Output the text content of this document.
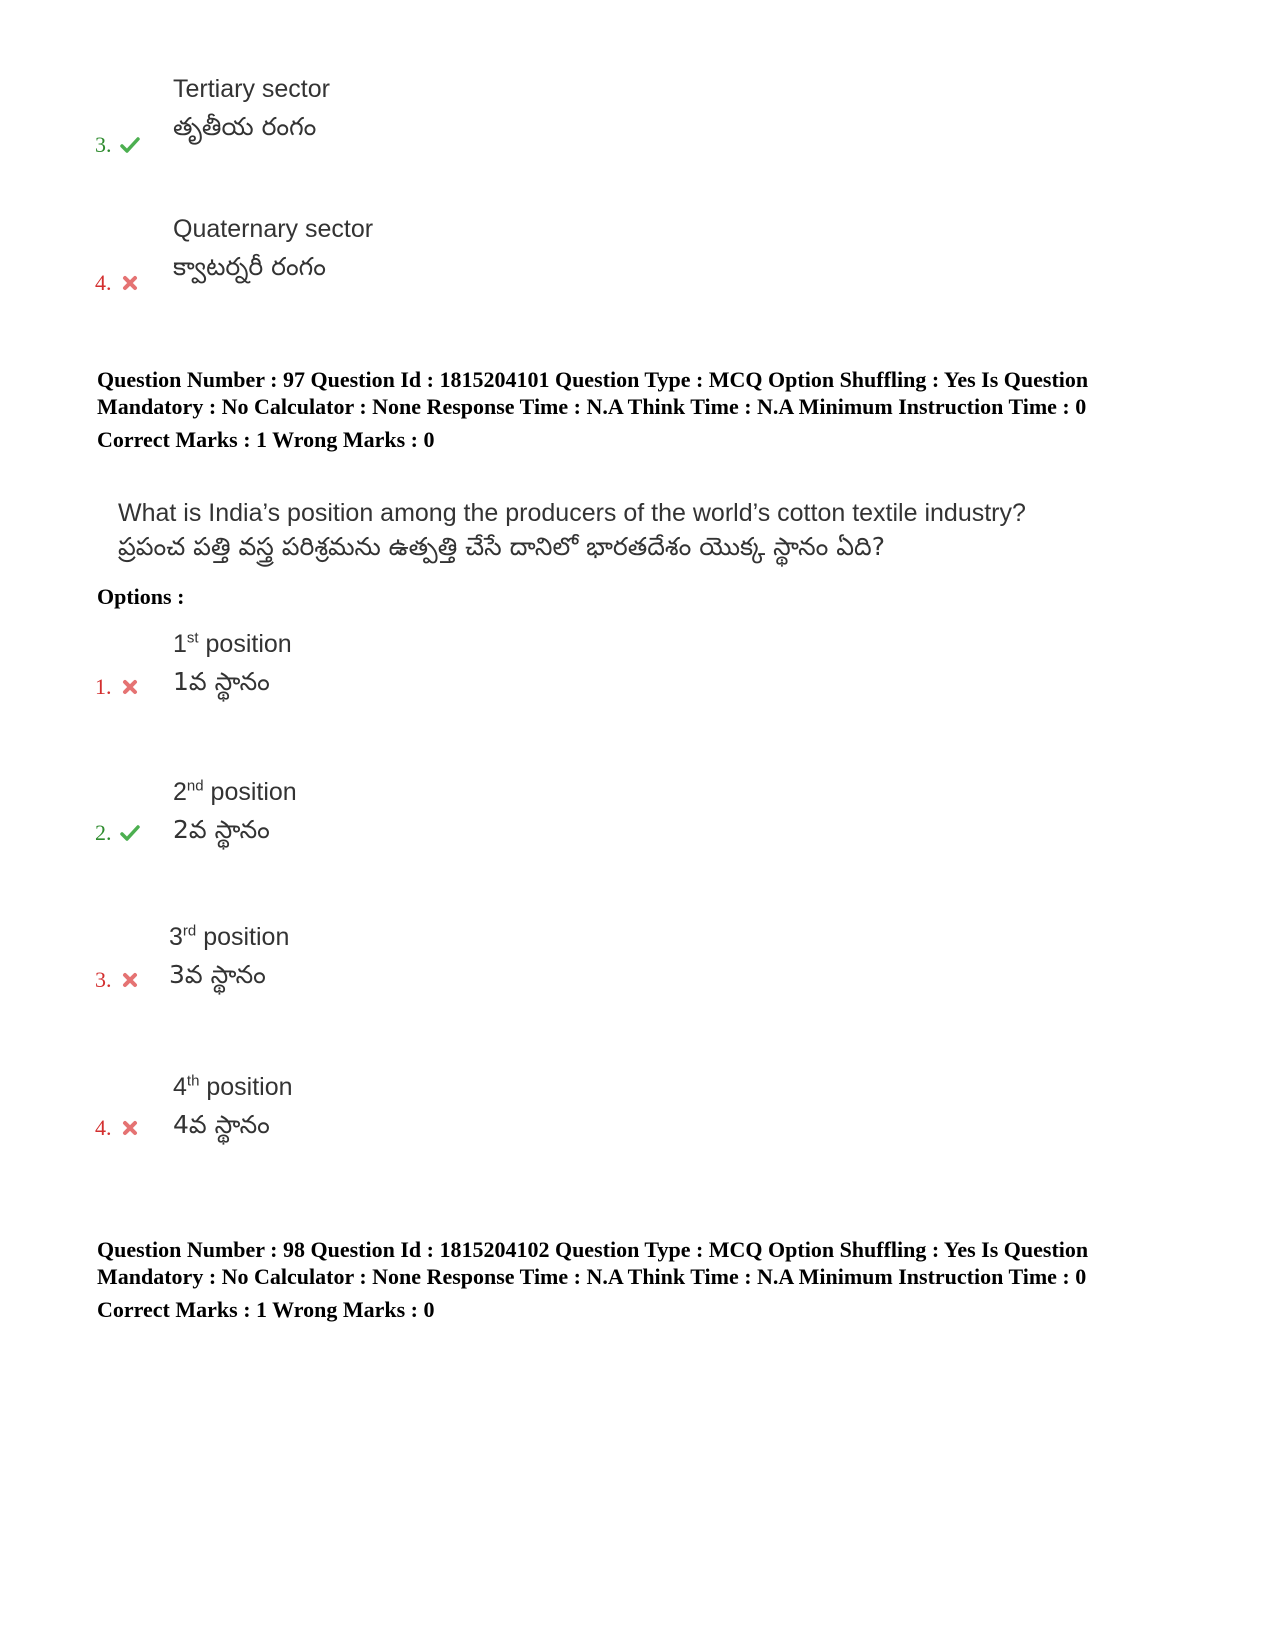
Tertiary sector
తృతీయ రంగం
3.
Quaternary sector
క్వాటర్నరీ రంగం
4.
Question Number : 97 Question Id : 1815204101 Question Type : MCQ Option Shuffling : Yes Is Question
Mandatory : No Calculator : None Response Time : N.A Think Time : N.A Minimum Instruction Time : 0
Correct Marks : 1 Wrong Marks : 0
What is India’s position among the producers of the world’s cotton textile industry?
ప్రపంచ పత్తి వస్త్ర పరిశ్రమను ఉత్పత్తి చేసే దానిలో భారతదేశం యొక్క స్థానం ఏది?
Options :
1st position
1వ స్థానం
1.
2nd position
2వ స్థానం
2.
3rd position
3వ స్థానం
3.
4th position
4వ స్థానం
4.
Question Number : 98 Question Id : 1815204102 Question Type : MCQ Option Shuffling : Yes Is Question
Mandatory : No Calculator : None Response Time : N.A Think Time : N.A Minimum Instruction Time : 0
Correct Marks : 1 Wrong Marks : 0
